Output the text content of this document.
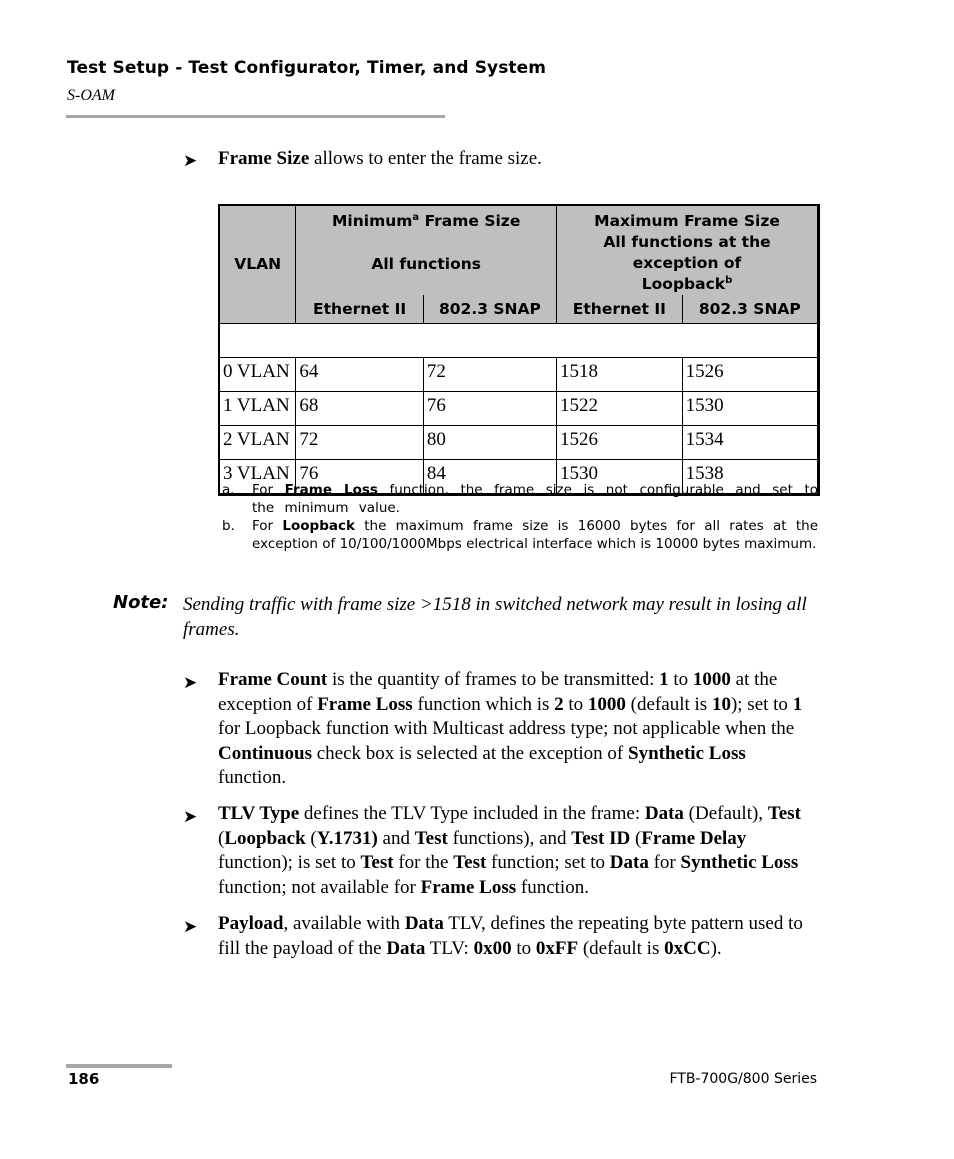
Test Setup - Test Configurator, Timer, and System
S-OAM
➤ Frame Size allows to enter the frame size.
VLAN	Minimum$^a$ Frame Size		Maximum Frame Size	
	All functions		All functions at the exception of Loopback$^b$
	Ethernet II	802.3 SNAP	Ethernet II	802.3 SNAP

0 VLAN	64	72	1518	1526
1 VLAN	68	76	1522	1530
2 VLAN	72	80	1526	1534
3 VLAN	76	84	1530	1538
a. For Frame Loss function, the frame size is not configurable and set to the minimum value.
b. For Loopback the maximum frame size is 16000 bytes for all rates at the exception of 10/100/1000Mbps electrical interface which is 10000 bytes maximum.
Note: Sending traffic with frame size >1518 in switched network may result in losing all frames.
➤ Frame Count is the quantity of frames to be transmitted: 1 to 1000 at the exception of Frame Loss function which is 2 to 1000 (default is 10); set to 1 for Loopback function with Multicast address type; not applicable when the Continuous check box is selected at the exception of Synthetic Loss function.
➤ TLV Type defines the TLV Type included in the frame: Data (Default), Test (Loopback (Y.1731) and Test functions), and Test ID (Frame Delay function); is set to Test for the Test function; set to Data for Synthetic Loss function; not available for Frame Loss function.
➤ Payload, available with Data TLV, defines the repeating byte pattern used to fill the payload of the Data TLV: 0x00 to 0xFF (default is 0xCC).
186	FTB-700G/800 Series
